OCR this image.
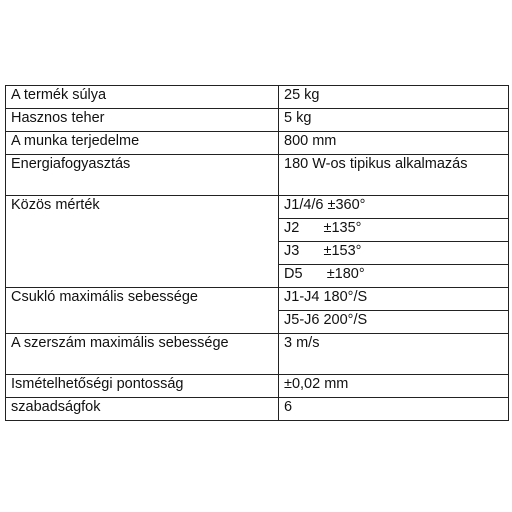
A termék súlya	25 kg
Hasznos teher	5 kg
A munka terjedelme	800 mm
Energiafogyasztás	180 W-os tipikus alkalmazás
Közös mérték	J1/4/6 ±360°
	J2      ±135°
	J3      ±153°
	D5      ±180°
Csukló maximális sebessége	J1-J4 180°/S
	J5-J6 200°/S
A szerszám maximális sebessége	3 m/s
Ismételhetőségi pontosság	±0,02 mm
szabadságfok	6
